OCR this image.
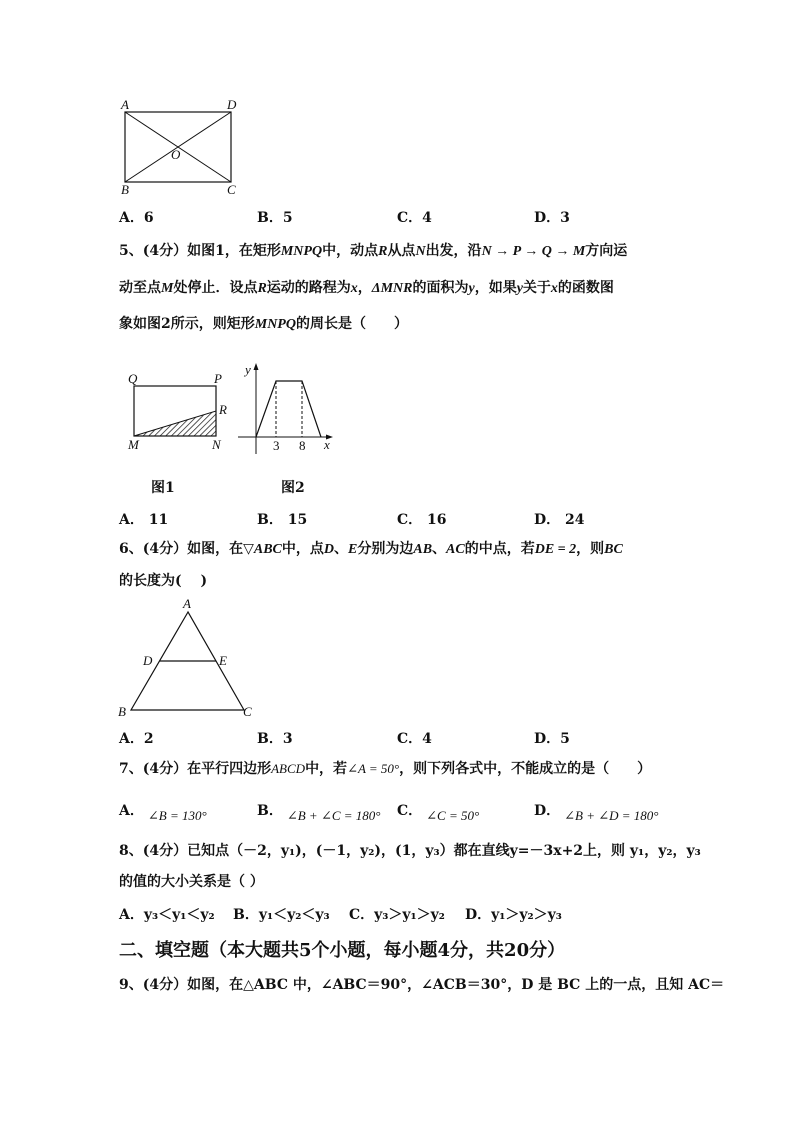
A	D
O
B	C
A．6	B．5	C．4	D．3
5、(4分）如图1，在矩形MNPQ中，动点R从点N出发，沿N → P → Q → M方向运
动至点M处停止．设点R运动的路程为x，ΔMNR的面积为y，如果y关于x的函数图
象如图2所示，则矩形MNPQ的周长是（　　）
Q	P
R
M	N
y
x
3 8
图1	图2
A． 11	B． 15	C． 16	D． 24
6、(4分）如图，在▽ABC中，点D、E分别为边AB、AC的中点，若DE = 2，则BC
的长度为(　 )
A
D	E
B	C
A．2	B．3	C．4	D．5
7、(4分）在平行四边形ABCD中，若∠A = 50°，则下列各式中，不能成立的是（　　）
A． ∠B = 130°	B． ∠B + ∠C = 180° C． ∠C = 50°	D． ∠B + ∠D = 180°
8、(4分）已知点（－2，y₁)，(－1，y₂)，(1，y₃）都在直线y=－3x+2上，则 y₁，y₂，y₃
的值的大小关系是（ ）
A．y₃＜y₁＜y₂ B．y₁＜y₂＜y₃ C．y₃＞y₁＞y₂ D．y₁＞y₂＞y₃
二、填空题（本大题共5个小题，每小题4分，共20分）
9、(4分）如图，在△ABC 中，∠ABC＝90°，∠ACB＝30°，D 是 BC 上的一点，且知 AC＝
